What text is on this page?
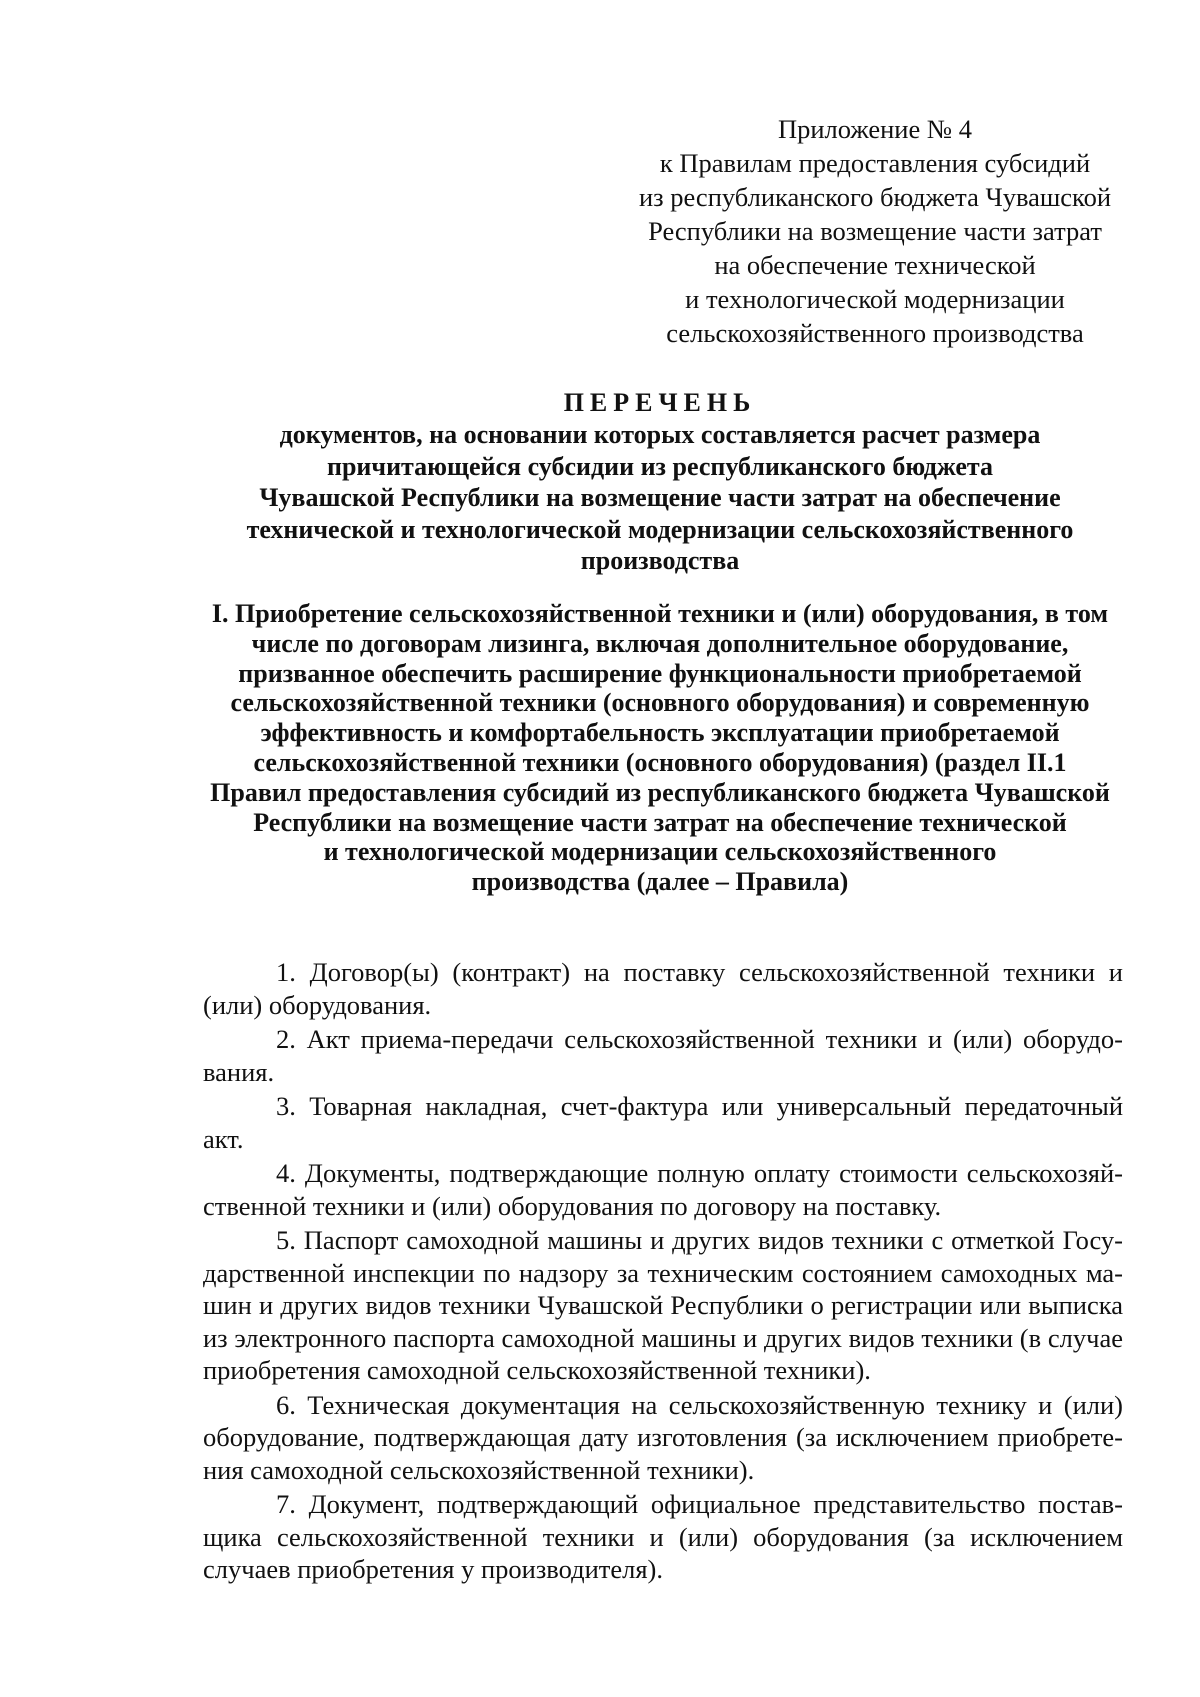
Приложение № 4
к Правилам предоставления субсидий
из республиканского бюджета Чувашской
Республики на возмещение части затрат
на обеспечение технической
и технологической модернизации
сельскохозяйственного производства
ПЕРЕЧЕНЬ
документов, на основании которых составляется расчет размера
причитающейся субсидии из республиканского бюджета
Чувашской Республики на возмещение части затрат на обеспечение
технической и технологической модернизации сельскохозяйственного
производства
I. Приобретение сельскохозяйственной техники и (или) оборудования, в том
числе по договорам лизинга, включая дополнительное оборудование,
призванное обеспечить расширение функциональности приобретаемой
сельскохозяйственной техники (основного оборудования) и современную
эффективность и комфортабельность эксплуатации приобретаемой
сельскохозяйственной техники (основного оборудования) (раздел II.1
Правил предоставления субсидий из республиканского бюджета Чувашской
Республики на возмещение части затрат на обеспечение технической
и технологической модернизации сельскохозяйственного
производства (далее – Правила)

1. Договор(ы) (контракт) на поставку сельскохозяйственной техники и (или) оборудования.

2. Акт приема-передачи сельскохозяйственной техники и (или) оборудования.

3. Товарная накладная, счет-фактура или универсальный передаточный акт.

4. Документы, подтверждающие полную оплату стоимости сельскохозяйственной техники и (или) оборудования по договору на поставку.

5. Паспорт самоходной машины и других видов техники с отметкой Государственной инспекции по надзору за техническим состоянием самоходных машин и других видов техники Чувашской Республики о регистрации или выписка из электронного паспорта самоходной машины и других видов техники (в случае приобретения самоходной сельскохозяйственной техники).

6. Техническая документация на сельскохозяйственную технику и (или) оборудование, подтверждающая дату изготовления (за исключением приобретения самоходной сельскохозяйственной техники).

7. Документ, подтверждающий официальное представительство поставщика сельскохозяйственной техники и (или) оборудования (за исключением случаев приобретения у производителя).
